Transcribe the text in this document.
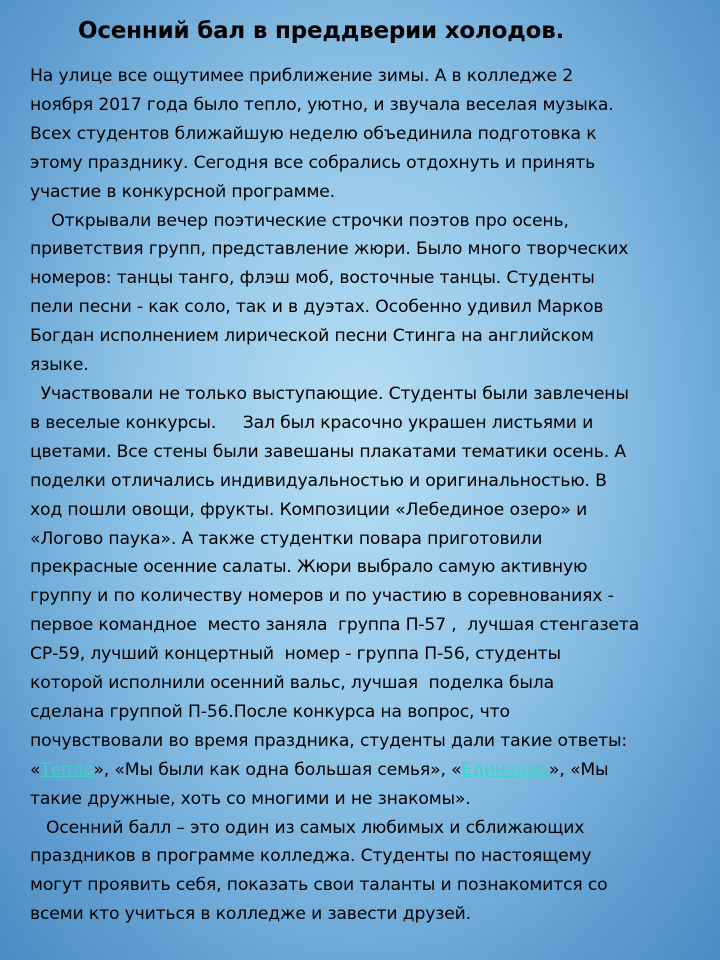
Осенний бал в преддверии холодов.

На улице все ощутимее приближение зимы. А в колледже 2
ноября 2017 года было тепло, уютно, и звучала веселая музыка.
Всех студентов ближайшую неделю объединила подготовка к
этому празднику. Сегодня все собрались отдохнуть и принять
участие в конкурсной программе.

Открывали вечер поэтические строчки поэтов про осень,
приветствия групп, представление жюри. Было много творческих
номеров: танцы танго, флэш моб, восточные танцы. Студенты
пели песни - как соло, так и в дуэтах. Особенно удивил Марков
Богдан исполнением лирической песни Стинга на английском
языке.

Участвовали не только выступающие. Студенты были завлечены
в веселые конкурсы.     Зал был красочно украшен листьями и
цветами. Все стены были завешаны плакатами тематики осень. А
поделки отличались индивидуальностью и оригинальностью. В
ход пошли овощи, фрукты. Композиции «Лебединое озеро» и
«Логово паука». А также студентки повара приготовили
прекрасные осенние салаты. Жюри выбрало самую активную
группу и по количеству номеров и по участию в соревнованиях -
первое командное  место заняла  группа П-57 ,  лучшая стенгазета
СР-59, лучший концертный  номер - группа П-56, студенты
которой исполнили осенний вальс, лучшая  поделка была
сделана группой П-56.После конкурса на вопрос, что
почувствовали во время праздника, студенты дали такие ответы:
«Тепло», «Мы были как одна большая семья», «Единение», «Мы
такие дружные, хоть со многими и не знакомы».

Осенний балл – это один из самых любимых и сближающих
праздников в программе колледжа. Студенты по настоящему
могут проявить себя, показать свои таланты и познакомится со
всеми кто учиться в колледже и завести друзей.
